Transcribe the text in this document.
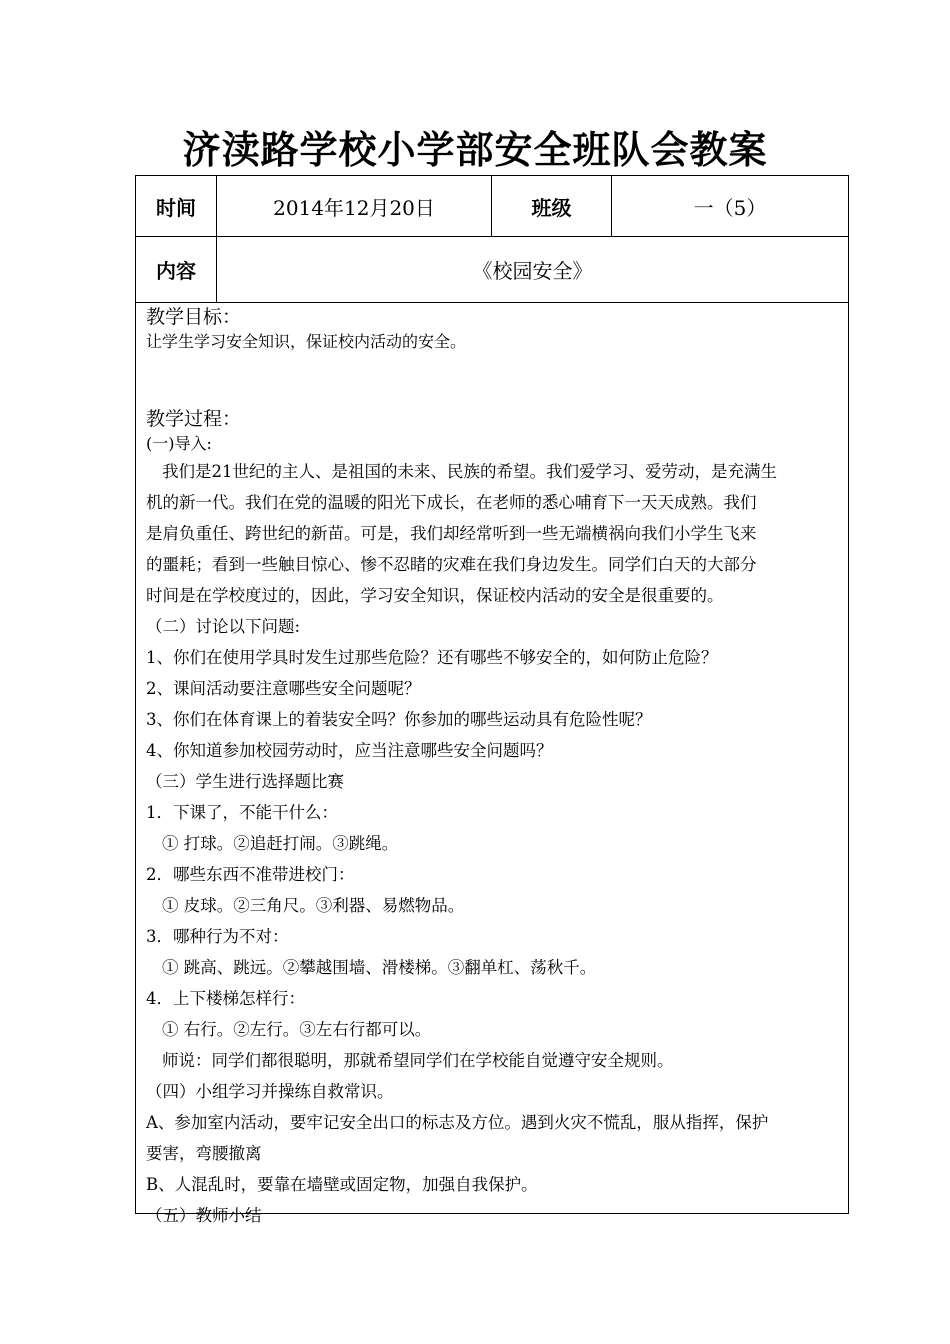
济渎路学校小学部安全班队会教案
时间	2014年12月20日	班级	一（5）
内容	《校园安全》
教学目标：
让学生学习安全知识，保证校内活动的安全。
教学过程：
(一)导入:
我们是21世纪的主人、是祖国的未来、民族的希望。我们爱学习、爱劳动，是充满生
机的新一代。我们在党的温暖的阳光下成长，在老师的悉心哺育下一天天成熟。我们
是肩负重任、跨世纪的新苗。可是，我们却经常听到一些无端横祸向我们小学生飞来
的噩耗；看到一些触目惊心、惨不忍睹的灾难在我们身边发生。同学们白天的大部分
时间是在学校度过的，因此，学习安全知识，保证校内活动的安全是很重要的。
（二）讨论以下问题:
1、你们在使用学具时发生过那些危险？还有哪些不够安全的，如何防止危险？
2、课间活动要注意哪些安全问题呢？
3、你们在体育课上的着装安全吗？你参加的哪些运动具有危险性呢？
4、你知道参加校园劳动时，应当注意哪些安全问题吗？
（三）学生进行选择题比赛
1．下课了，不能干什么：
① 打球。②追赶打闹。③跳绳。
2．哪些东西不准带进校门：
① 皮球。②三角尺。③利器、易燃物品。
3．哪种行为不对：
① 跳高、跳远。②攀越围墙、滑楼梯。③翻单杠、荡秋千。
4．上下楼梯怎样行：
① 右行。②左行。③左右行都可以。
师说：同学们都很聪明，那就希望同学们在学校能自觉遵守安全规则。
（四）小组学习并操练自救常识。
A、参加室内活动，要牢记安全出口的标志及方位。遇到火灾不慌乱，服从指挥，保护
要害，弯腰撤离
B、人混乱时，要靠在墙壁或固定物，加强自我保护。
（五）教师小结
